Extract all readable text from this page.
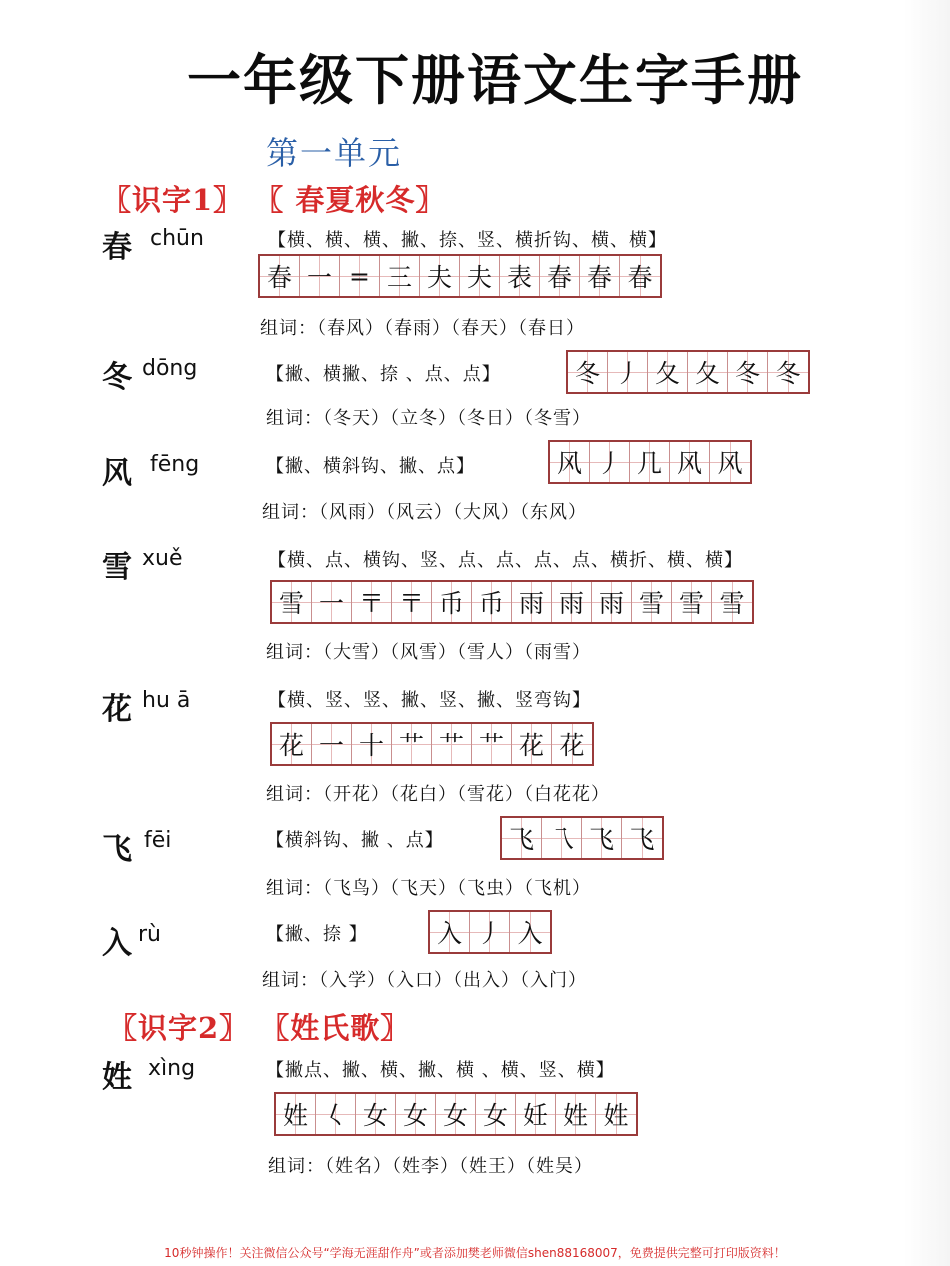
一年级下册语文生字手册
第一单元
〖识字1〗 〖 春夏秋冬〗
〖识字2〗 〖姓氏歌〗
春 chūn	【横、横、横、撇、捺、竖、横折钩、横、横】
春 一 = 三 夫 夫 表 春 春 春
组词：（春风）（春雨）（春天）（春日）
冬 dōng	【撇、横撇、捺 、点、点】	冬 丿 夂 夂 冬 冬
组词：（冬天）（立冬）（冬日）（冬雪）
风 fēng	【撇、横斜钩、撇、点】	风 丿 几 风 风
组词：（风雨）（风云）（大风）（东风）
雪 xuě	【横、点、横钩、竖、点、点、点、点、横折、横、横】
雪 一 〒 〒 币 币 雨 雨 雨 雪 雪 雪
组词：（大雪）（风雪）（雪人）（雨雪）
花 hu ā	【横、竖、竖、撇、竖、撇、竖弯钩】
花 一 十 艹 艹 艹 花 花
组词：（开花）（花白）（雪花）（白花花）
飞 fēi	【横斜钩、撇 、点】	飞 乁 飞 飞
组词：（飞鸟）（飞天）（飞虫）（飞机）
入 rù	【撇、捺 】	入 丿 入
组词：（入学）（入口）（出入）（入门）
姓 xìng	【撇点、撇、横、撇、横 、横、竖、横】
姓 𡿨 女 女 女 女 妊 姓 姓
组词：（姓名）（姓李）（姓王）（姓吴）
10秒钟操作！关注微信公众号“学海无涯甜作舟”或者添加樊老师微信shen88168007，免费提供完整可打印版资料！
